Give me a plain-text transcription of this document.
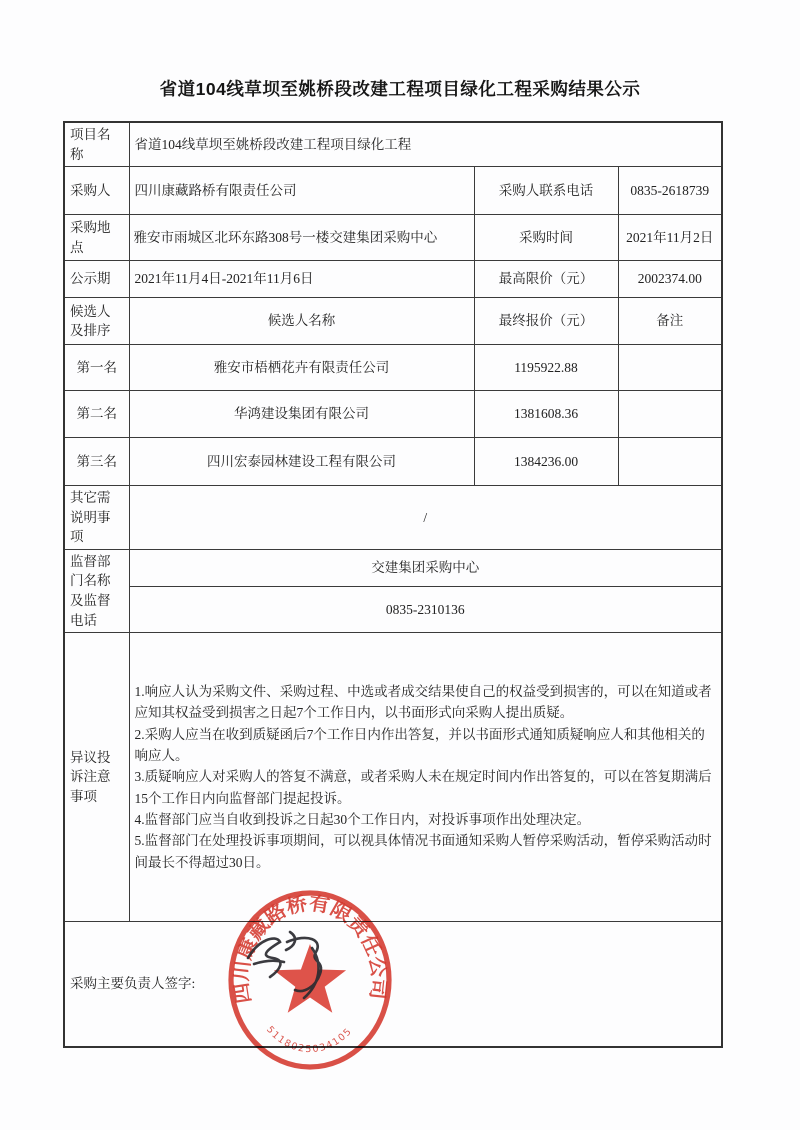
省道104线草坝至姚桥段改建工程项目绿化工程采购结果公示
项目名称	省道104线草坝至姚桥段改建工程项目绿化工程		
采购人	四川康藏路桥有限责任公司	采购人联系电话	0835-2618739
采购地点	雅安市雨城区北环东路308号一楼交建集团采购中心	采购时间	2021年11月2日
公示期	2021年11月4日-2021年11月6日	最高限价（元）	2002374.00
候选人及排序	候选人名称	最终报价（元）	备注
第一名	雅安市梧栖花卉有限责任公司	1195922.88	
第二名	华鸿建设集团有限公司	1381608.36	
第三名	四川宏泰园林建设工程有限公司	1384236.00	
其它需说明事项	/		
监督部门名称及监督电话	交建集团采购中心		
	0835-2310136		
异议投诉注意事项	1.响应人认为采购文件、采购过程、中选或者成交结果使自己的权益受到损害的，可以在知道或者应知其权益受到损害之日起7个工作日内，以书面形式向采购人提出质疑。
2.采购人应当在收到质疑函后7个工作日内作出答复，并以书面形式通知质疑响应人和其他相关的响应人。
3.质疑响应人对采购人的答复不满意，或者采购人未在规定时间内作出答复的，可以在答复期满后15个工作日内向监督部门提起投诉。
4.监督部门应当自收到投诉之日起30个工作日内，对投诉事项作出处理决定。
5.监督部门在处理投诉事项期间，可以视具体情况书面通知采购人暂停采购活动，暂停采购活动时间最长不得超过30日。		

采购主要负责人签字:			四川康藏路桥有限责任公司
5118025034105
